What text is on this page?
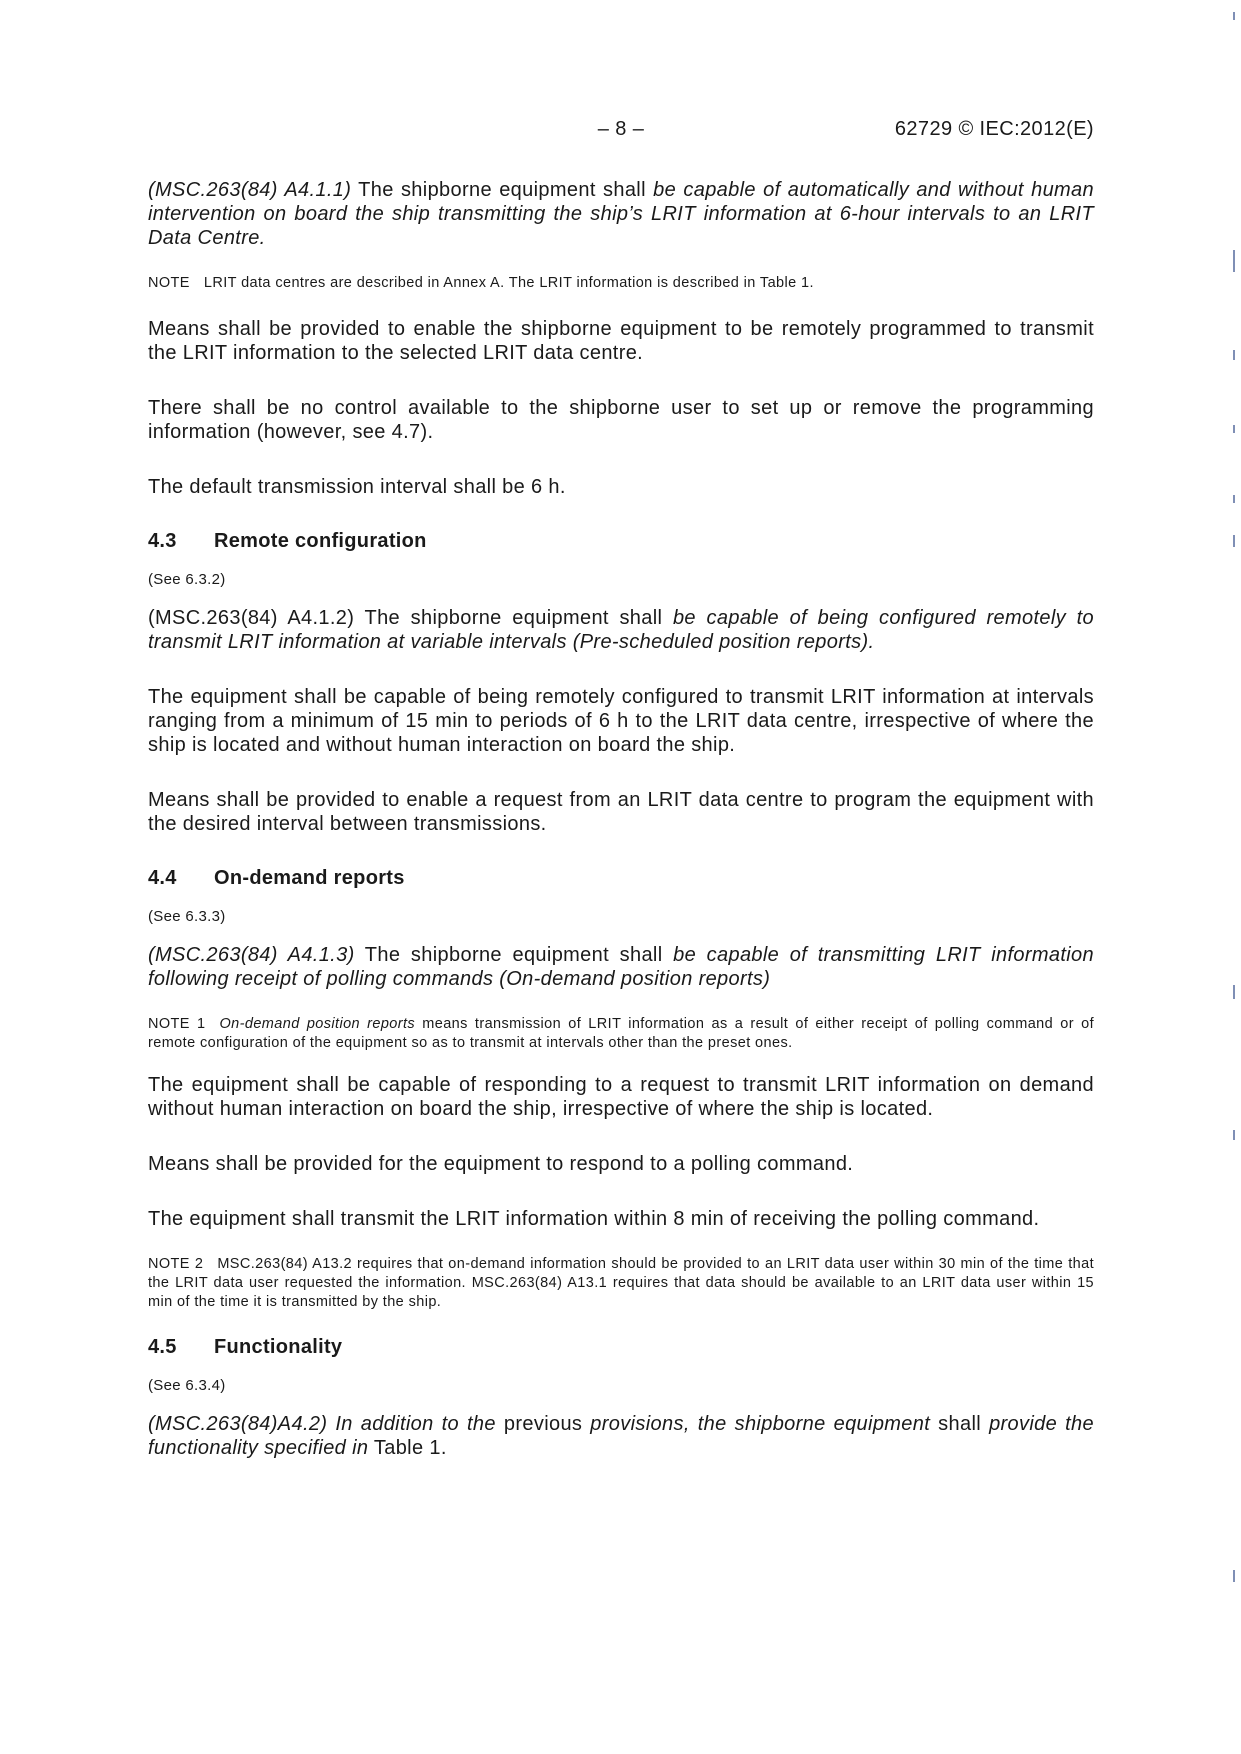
– 8 –	62729 © IEC:2012(E)

(MSC.263(84) A4.1.1) The shipborne equipment shall be capable of automatically and without human intervention on board the ship transmitting the ship’s LRIT information at 6-hour intervals to an LRIT Data Centre.

NOTE LRIT data centres are described in Annex A. The LRIT information is described in Table 1.

Means shall be provided to enable the shipborne equipment to be remotely programmed to transmit the LRIT information to the selected LRIT data centre.

There shall be no control available to the shipborne user to set up or remove the programming information (however, see 4.7).

The default transmission interval shall be 6 h.

4.3 Remote configuration

(See 6.3.2)

(MSC.263(84) A4.1.2) The shipborne equipment shall be capable of being configured remotely to transmit LRIT information at variable intervals (Pre-scheduled position reports).

The equipment shall be capable of being remotely configured to transmit LRIT information at intervals ranging from a minimum of 15 min to periods of 6 h to the LRIT data centre, irrespective of where the ship is located and without human interaction on board the ship.

Means shall be provided to enable a request from an LRIT data centre to program the equipment with the desired interval between transmissions.

4.4 On-demand reports

(See 6.3.3)

(MSC.263(84) A4.1.3) The shipborne equipment shall be capable of transmitting LRIT information following receipt of polling commands (On-demand position reports)

NOTE 1 On-demand position reports means transmission of LRIT information as a result of either receipt of polling command or of remote configuration of the equipment so as to transmit at intervals other than the preset ones.

The equipment shall be capable of responding to a request to transmit LRIT information on demand without human interaction on board the ship, irrespective of where the ship is located.

Means shall be provided for the equipment to respond to a polling command.

The equipment shall transmit the LRIT information within 8 min of receiving the polling command.

NOTE 2 MSC.263(84) A13.2 requires that on-demand information should be provided to an LRIT data user within 30 min of the time that the LRIT data user requested the information. MSC.263(84) A13.1 requires that data should be available to an LRIT data user within 15 min of the time it is transmitted by the ship.

4.5 Functionality

(See 6.3.4)

(MSC.263(84)A4.2) In addition to the previous provisions, the shipborne equipment shall provide the functionality specified in Table 1.
